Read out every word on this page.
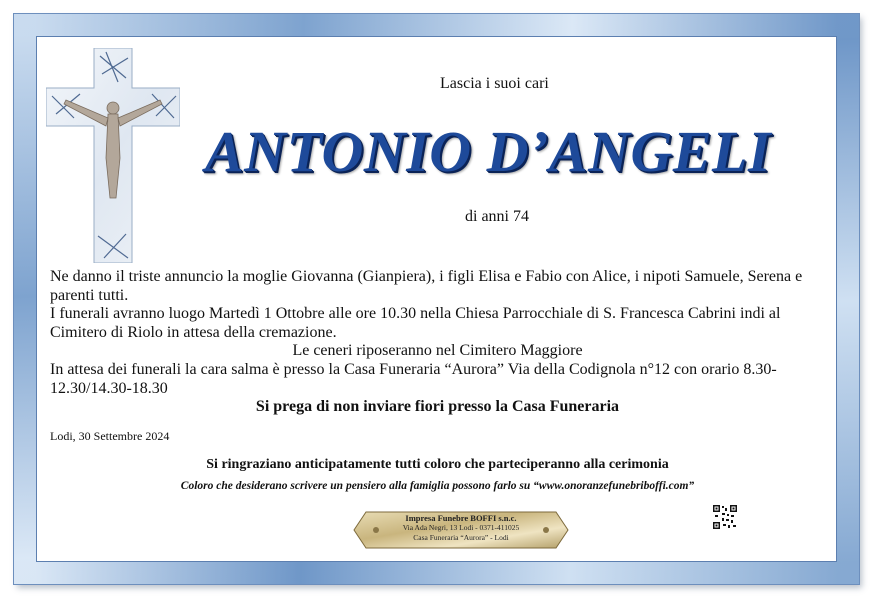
Lascia i suoi cari
ANTONIO D’ANGELI
di anni 74

Ne danno il triste annuncio la moglie Giovanna (Gianpiera), i figli Elisa e Fabio con Alice, i nipoti Samuele, Serena e parenti tutti.

I funerali avranno luogo Martedì 1 Ottobre alle ore 10.30 nella Chiesa Parrocchiale di S. Francesca Cabrini indi al Cimitero di Riolo in attesa della cremazione.

Le ceneri riposeranno nel Cimitero Maggiore

In attesa dei funerali la cara salma è presso la Casa Funeraria “Aurora” Via della Codignola n°12 con orario 8.30-12.30/14.30-18.30

Si prega di non inviare fiori presso la Casa Funeraria

Lodi, 30 Settembre 2024
Si ringraziano anticipatamente tutti coloro che parteciperanno alla cerimonia
Coloro che desiderano scrivere un pensiero alla famiglia possono farlo su “www.onoranzefunebriboffi.com”
Impresa Funebre BOFFI s.n.c.
Via Ada Negri, 13 Lodi - 0371-411025
Casa Funeraria “Aurora” - Lodi
